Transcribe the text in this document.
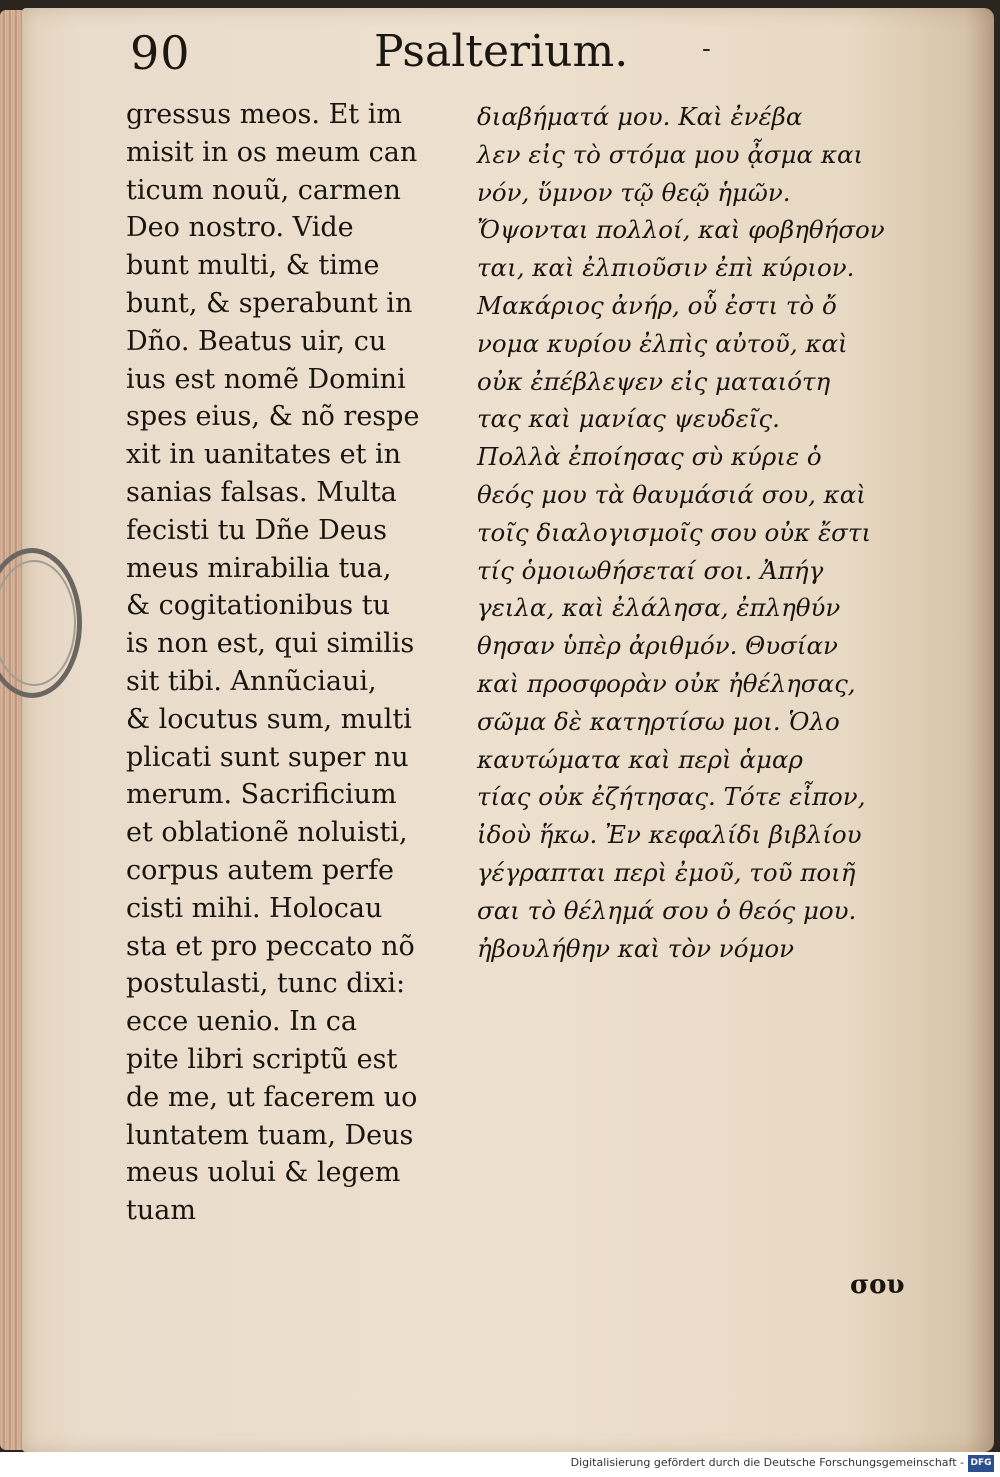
90	Psalterium.	-
gressus meos. Et im
misit in os meum can
ticum nouũ, carmen
Deo nostro. Vide
bunt multi, & time
bunt, & sperabunt in
Dño. Beatus uir, cu
ius est nomẽ Domini
spes eius, & nõ respe
xit in uanitates et in
sanias falsas. Multa
fecisti tu Dñe Deus
meus mirabilia tua,
& cogitationibus tu
is non est, qui similis
sit tibi. Annũciaui,
& locutus sum, multi
plicati sunt super nu
merum. Sacrificium
et oblationẽ noluisti,
corpus autem perfe
cisti mihi. Holocau
sta et pro peccato nõ
postulasti, tunc dixi:
ecce uenio. In ca
pite libri scriptũ est
de me, ut facerem uo
luntatem tuam, Deus
meus uolui & legem
tuam
διαβήματά μου. Καὶ ἐνέβα
λεν εἰς τὸ στόμα μου ᾆσμα και
νόν, ὕμνον τῷ θεῷ ἡμῶν.
Ὄψονται πολλοί, καὶ φοβηθήσον
ται, καὶ ἐλπιοῦσιν ἐπὶ κύριον.
Μακάριος ἀνήρ, οὗ ἐστι τὸ ὄ
νομα κυρίου ἐλπὶς αὐτοῦ, καὶ
οὐκ ἐπέβλεψεν εἰς ματαιότη
τας καὶ μανίας ψευδεῖς.
Πολλὰ ἐποίησας σὺ κύριε ὁ
θεός μου τὰ θαυμάσιά σου, καὶ
τοῖς διαλογισμοῖς σου οὐκ ἔστι
τίς ὁμοιωθήσεταί σοι. Ἀπήγ
γειλα, καὶ ἐλάλησα, ἐπληθύν
θησαν ὑπὲρ ἀριθμόν. Θυσίαν
καὶ προσφορὰν οὐκ ἠθέλησας,
σῶμα δὲ κατηρτίσω μοι. Ὁλο
καυτώματα καὶ περὶ ἁμαρ
τίας οὐκ ἐζήτησας. Τότε εἶπον,
ἰδοὺ ἥκω. Ἐν κεφαλίδι βιβλίου
γέγραπται περὶ ἐμοῦ, τοῦ ποιῆ
σαι τὸ θέλημά σου ὁ θεός μου.
ἠβουλήθην καὶ τὸν νόμον
σου
Digitalisierung gefördert durch die Deutsche Forschungsgemeinschaft - DFG
